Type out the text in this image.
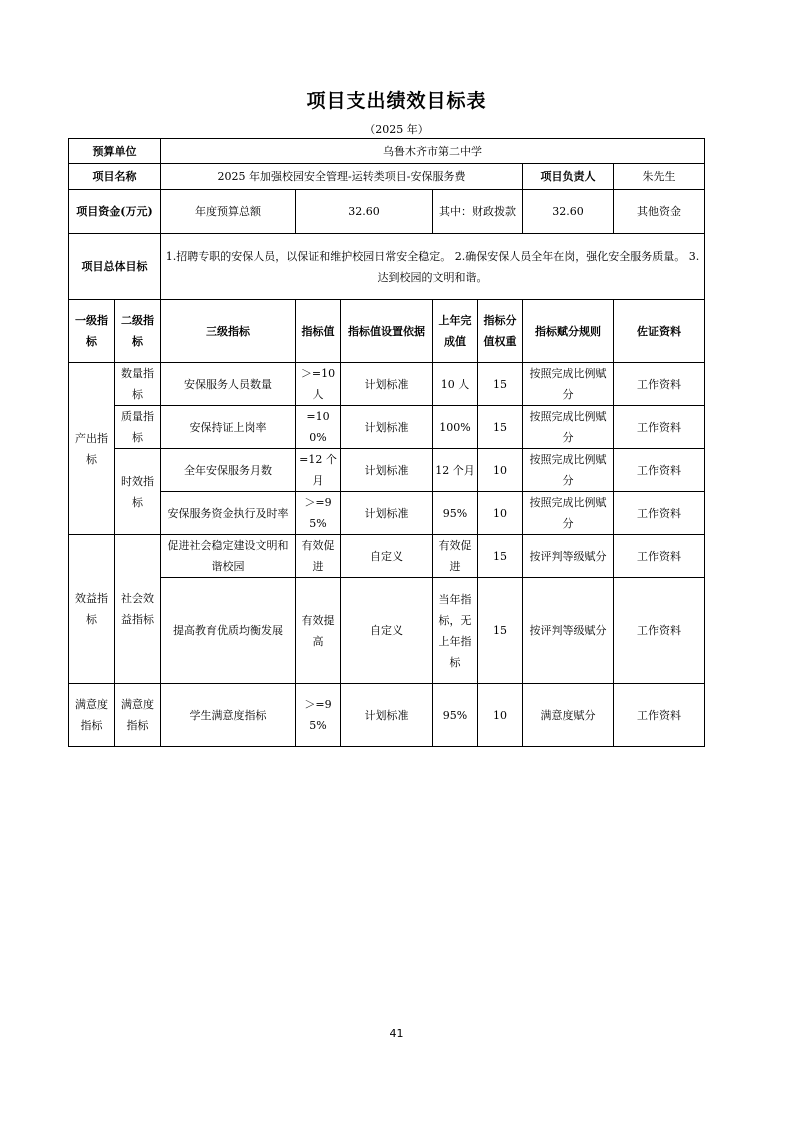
项目支出绩效目标表
（2025 年）
预算单位		乌鲁木齐市第二中学						
项目名称		2025 年加强校园安全管理-运转类项目-安保服务费					项目负责人	朱先生
项目资金(万元)		年度预算总额	32.60		其中：财政拨款		32.60	其他资金

项目总体目标		1.招聘专职的安保人员，以保证和维护校园日常安全稳定。 2.确保安保人员全年在岗，强化安全服务质量。 3.达到校园的文明和谐。						
一级指标	二级指标	三级指标	指标值	指标值设置依据	上年完成值	指标分值权重	指标赋分规则	佐证资料
产出指标	数量指标	安保服务人员数量	＞=10人	计划标准	10 人	15	按照完成比例赋分	工作资料
	质量指标	安保持证上岗率	=100%	计划标准	100%	15	按照完成比例赋分	工作资料
	时效指标	全年安保服务月数	=12 个月	计划标准	12 个月	10	按照完成比例赋分	工作资料
		安保服务资金执行及时率	＞=95%	计划标准	95%	10	按照完成比例赋分	工作资料
效益指标	社会效益指标	促进社会稳定建设文明和谐校园	有效促进	自定义	有效促进	15	按评判等级赋分	工作资料
		提高教育优质均衡发展	有效提高	自定义	当年指标，无上年指标	15	按评判等级赋分	工作资料
满意度指标	满意度指标	学生满意度指标	＞=95%	计划标准	95%	10	满意度赋分	工作资料
41
